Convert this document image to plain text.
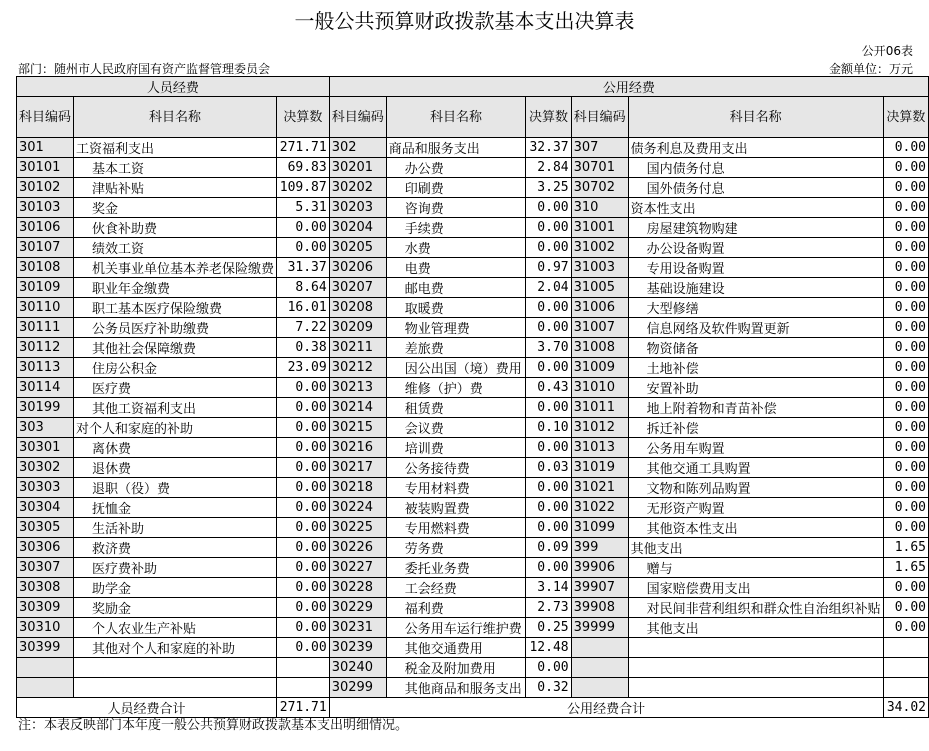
一般公共预算财政拨款基本支出决算表
公开06表
部门：随州市人民政府国有资产监督管理委员会	金额单位：万元
人员经费			公用经费					
科目编码	科目名称	决算数	科目编码	科目名称	决算数	科目编码	科目名称	决算数
301	工资福利支出	271.71	302	商品和服务支出	32.37	307	债务利息及费用支出	0.00
30101	基本工资	69.83	30201	办公费	2.84	30701	国内债务付息	0.00
30102	津贴补贴	109.87	30202	印刷费	3.25	30702	国外债务付息	0.00
30103	奖金	5.31	30203	咨询费	0.00	310	资本性支出	0.00
30106	伙食补助费	0.00	30204	手续费	0.00	31001	房屋建筑物购建	0.00
30107	绩效工资	0.00	30205	水费	0.00	31002	办公设备购置	0.00
30108	机关事业单位基本养老保险缴费	31.37	30206	电费	0.97	31003	专用设备购置	0.00
30109	职业年金缴费	8.64	30207	邮电费	2.04	31005	基础设施建设	0.00
30110	职工基本医疗保险缴费	16.01	30208	取暖费	0.00	31006	大型修缮	0.00
30111	公务员医疗补助缴费	7.22	30209	物业管理费	0.00	31007	信息网络及软件购置更新	0.00
30112	其他社会保障缴费	0.38	30211	差旅费	3.70	31008	物资储备	0.00
30113	住房公积金	23.09	30212	因公出国（境）费用	0.00	31009	土地补偿	0.00
30114	医疗费	0.00	30213	维修（护）费	0.43	31010	安置补助	0.00
30199	其他工资福利支出	0.00	30214	租赁费	0.00	31011	地上附着物和青苗补偿	0.00
303	对个人和家庭的补助	0.00	30215	会议费	0.10	31012	拆迁补偿	0.00
30301	离休费	0.00	30216	培训费	0.00	31013	公务用车购置	0.00
30302	退休费	0.00	30217	公务接待费	0.03	31019	其他交通工具购置	0.00
30303	退职（役）费	0.00	30218	专用材料费	0.00	31021	文物和陈列品购置	0.00
30304	抚恤金	0.00	30224	被装购置费	0.00	31022	无形资产购置	0.00
30305	生活补助	0.00	30225	专用燃料费	0.00	31099	其他资本性支出	0.00
30306	救济费	0.00	30226	劳务费	0.09	399	其他支出	1.65
30307	医疗费补助	0.00	30227	委托业务费	0.00	39906	赠与	1.65
30308	助学金	0.00	30228	工会经费	3.14	39907	国家赔偿费用支出	0.00
30309	奖励金	0.00	30229	福利费	2.73	39908	对民间非营利组织和群众性自治组织补贴	0.00
30310	个人农业生产补贴	0.00	30231	公务用车运行维护费	0.25	39999	其他支出	0.00
30399	其他对个人和家庭的补助	0.00	30239	其他交通费用	12.48			
			30240	税金及附加费用	0.00			
			30299	其他商品和服务支出	0.32			
人员经费合计		271.71	公用经费合计					34.02
注：本表反映部门本年度一般公共预算财政拨款基本支出明细情况。
